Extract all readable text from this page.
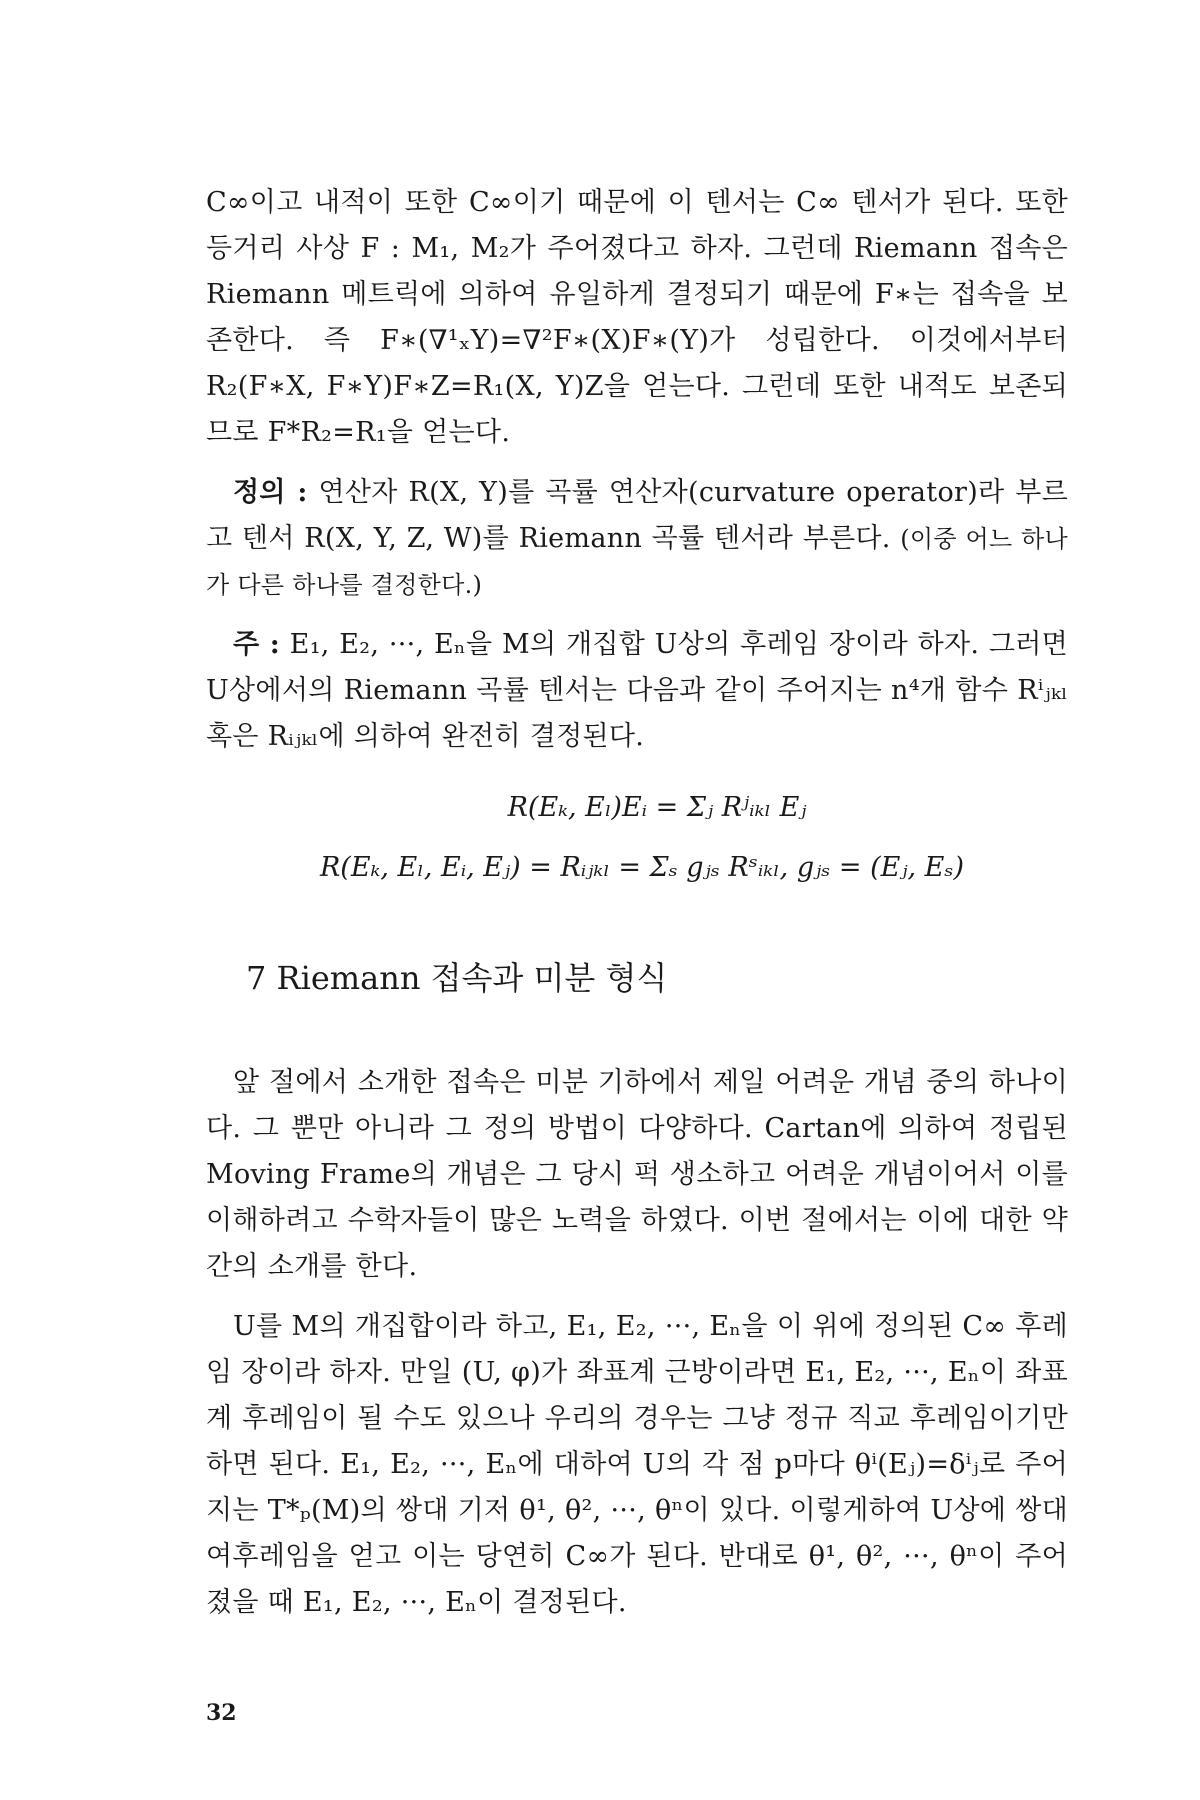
C∞이고 내적이 또한 C∞이기 때문에 이 텐서는 C∞ 텐서가 된다. 또한 등거리 사상 F : M₁, M₂가 주어졌다고 하자. 그런데 Riemann 접속은 Riemann 메트릭에 의하여 유일하게 결정되기 때문에 F∗는 접속을 보존한다. 즉 F∗(∇¹ₓY)=∇²F∗(X)F∗(Y)가 성립한다. 이것에서부터 R₂(F∗X, F∗Y)F∗Z=R₁(X, Y)Z을 얻는다. 그런데 또한 내적도 보존되므로 F*R₂=R₁을 얻는다.

정의 : 연산자 R(X, Y)를 곡률 연산자(curvature operator)라 부르고 텐서 R(X, Y, Z, W)를 Riemann 곡률 텐서라 부른다. (이중 어느 하나가 다른 하나를 결정한다.)

주 : E₁, E₂, ···, Eₙ을 M의 개집합 U상의 후레임 장이라 하자. 그러면 U상에서의 Riemann 곡률 텐서는 다음과 같이 주어지는 n⁴개 함수 Rⁱⱼₖₗ 혹은 Rᵢⱼₖₗ에 의하여 완전히 결정된다.

R(Eₖ, Eₗ)Eᵢ = Σⱼ Rʲᵢₖₗ Eⱼ
R(Eₖ, Eₗ, Eᵢ, Eⱼ) = Rᵢⱼₖₗ = Σₛ gⱼₛ Rˢᵢₖₗ, gⱼₛ = (Eⱼ, Eₛ)
7 Riemann 접속과 미분 형식

앞 절에서 소개한 접속은 미분 기하에서 제일 어려운 개념 중의 하나이다. 그 뿐만 아니라 그 정의 방법이 다양하다. Cartan에 의하여 정립된 Moving Frame의 개념은 그 당시 퍽 생소하고 어려운 개념이어서 이를 이해하려고 수학자들이 많은 노력을 하였다. 이번 절에서는 이에 대한 약간의 소개를 한다.

U를 M의 개집합이라 하고, E₁, E₂, ···, Eₙ을 이 위에 정의된 C∞ 후레임 장이라 하자. 만일 (U, φ)가 좌표계 근방이라면 E₁, E₂, ···, Eₙ이 좌표계 후레임이 될 수도 있으나 우리의 경우는 그냥 정규 직교 후레임이기만 하면 된다. E₁, E₂, ···, Eₙ에 대하여 U의 각 점 p마다 θⁱ(Eⱼ)=δⁱⱼ로 주어지는 T*ₚ(M)의 쌍대 기저 θ¹, θ², ···, θⁿ이 있다. 이렇게하여 U상에 쌍대 여후레임을 얻고 이는 당연히 C∞가 된다. 반대로 θ¹, θ², ···, θⁿ이 주어졌을 때 E₁, E₂, ···, Eₙ이 결정된다.

32
